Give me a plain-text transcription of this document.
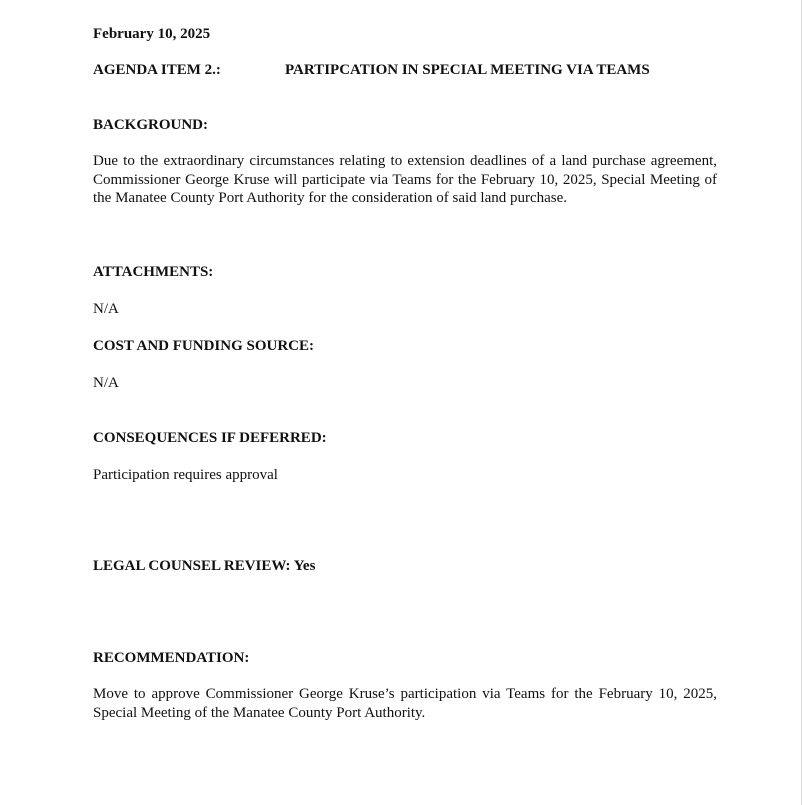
February 10, 2025
AGENDA ITEM 2.:	PARTIPCATION IN SPECIAL MEETING VIA TEAMS
BACKGROUND:
Due to the extraordinary circumstances relating to extension deadlines of a land purchase agreement, Commissioner George Kruse will participate via Teams for the February 10, 2025, Special Meeting of the Manatee County Port Authority for the consideration of said land purchase.
ATTACHMENTS:
N/A
COST AND FUNDING SOURCE:
N/A
CONSEQUENCES IF DEFERRED:
Participation requires approval
LEGAL COUNSEL REVIEW: Yes
RECOMMENDATION:
Move to approve Commissioner George Kruse’s participation via Teams for the February 10, 2025, Special Meeting of the Manatee County Port Authority.
